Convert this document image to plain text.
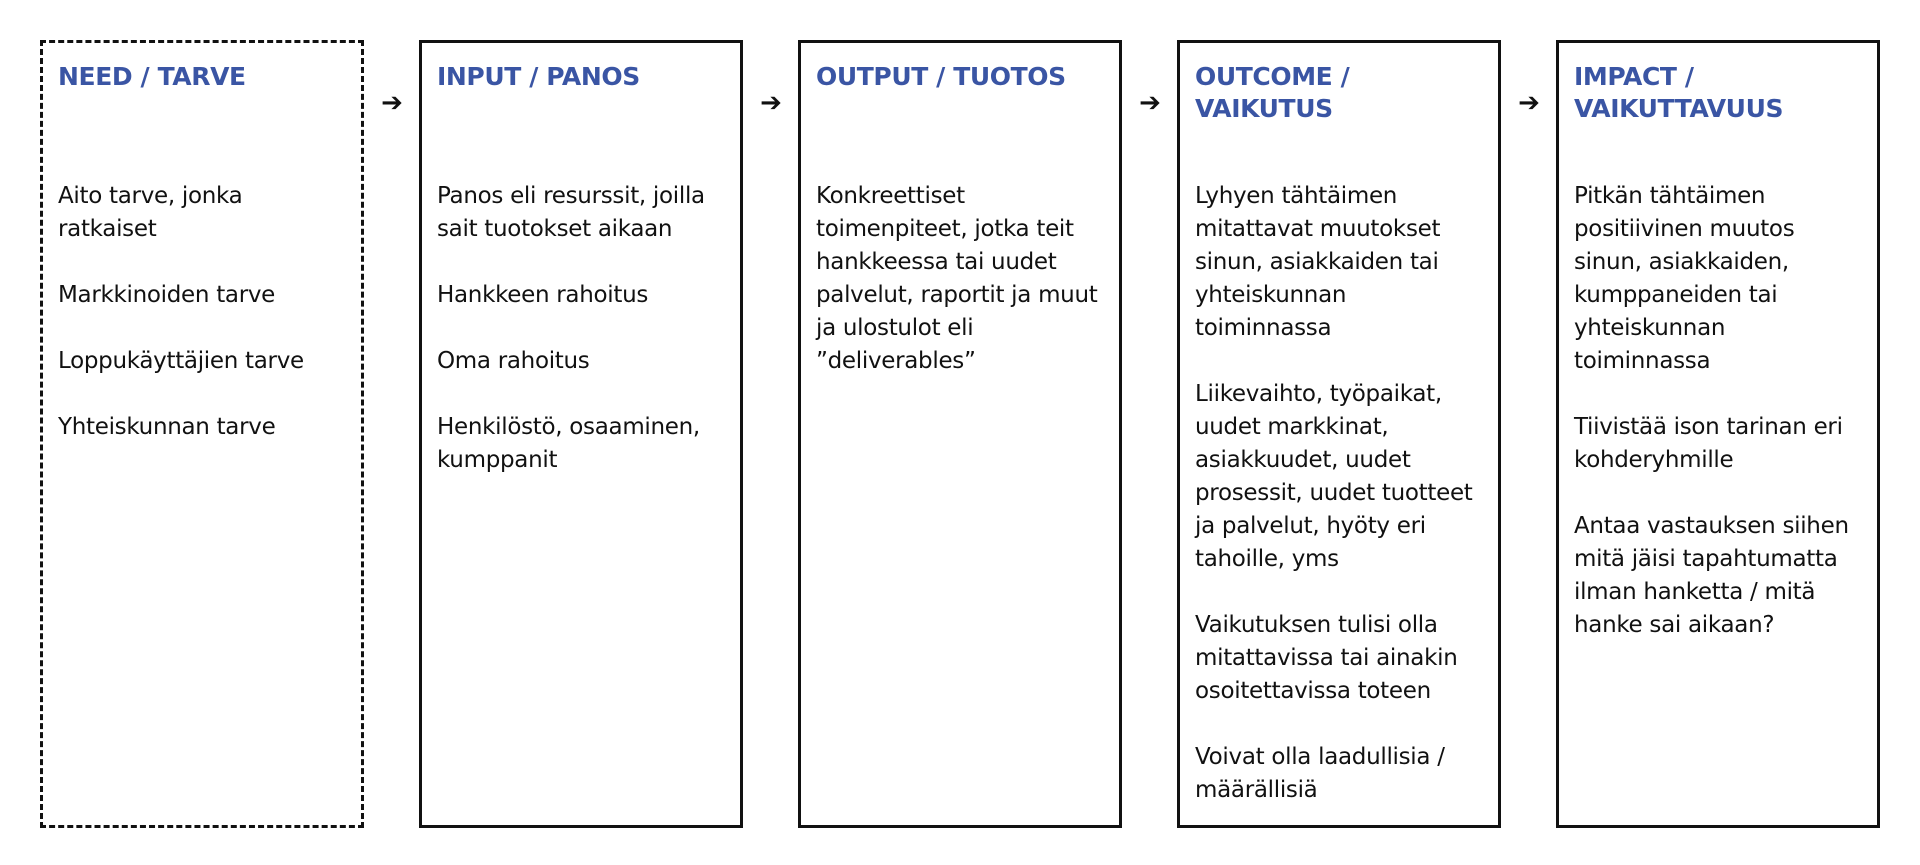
NEED / TARVE

Aito tarve, jonka ratkaiset

Markkinoiden tarve

Loppukäyttäjien tarve

Yhteiskunnan tarve

➔
INPUT / PANOS

Panos eli resurssit, joilla sait tuotokset aikaan

Hankkeen rahoitus

Oma rahoitus

Henkilöstö, osaaminen, kumppanit

➔
OUTPUT / TUOTOS

Konkreettiset toimenpiteet, jotka teit hankkeessa tai uudet palvelut, raportit ja muut ja ulostulot eli ”deliverables”

➔
OUTCOME / VAIKUTUS

Lyhyen tähtäimen mitattavat muutokset sinun, asiakkaiden tai yhteiskunnan toiminnassa

Liikevaihto, työpaikat, uudet markkinat, asiakkuudet, uudet prosessit, uudet tuotteet ja palvelut, hyöty eri tahoille, yms

Vaikutuksen tulisi olla mitattavissa tai ainakin osoitettavissa toteen

Voivat olla laadullisia / määrällisiä

➔
IMPACT / VAIKUTTAVUUS

Pitkän tähtäimen positiivinen muutos sinun, asiakkaiden, kumppaneiden tai yhteiskunnan toiminnassa

Tiivistää ison tarinan eri kohderyhmille

Antaa vastauksen siihen mitä jäisi tapahtumatta ilman hanketta / mitä hanke sai aikaan?
